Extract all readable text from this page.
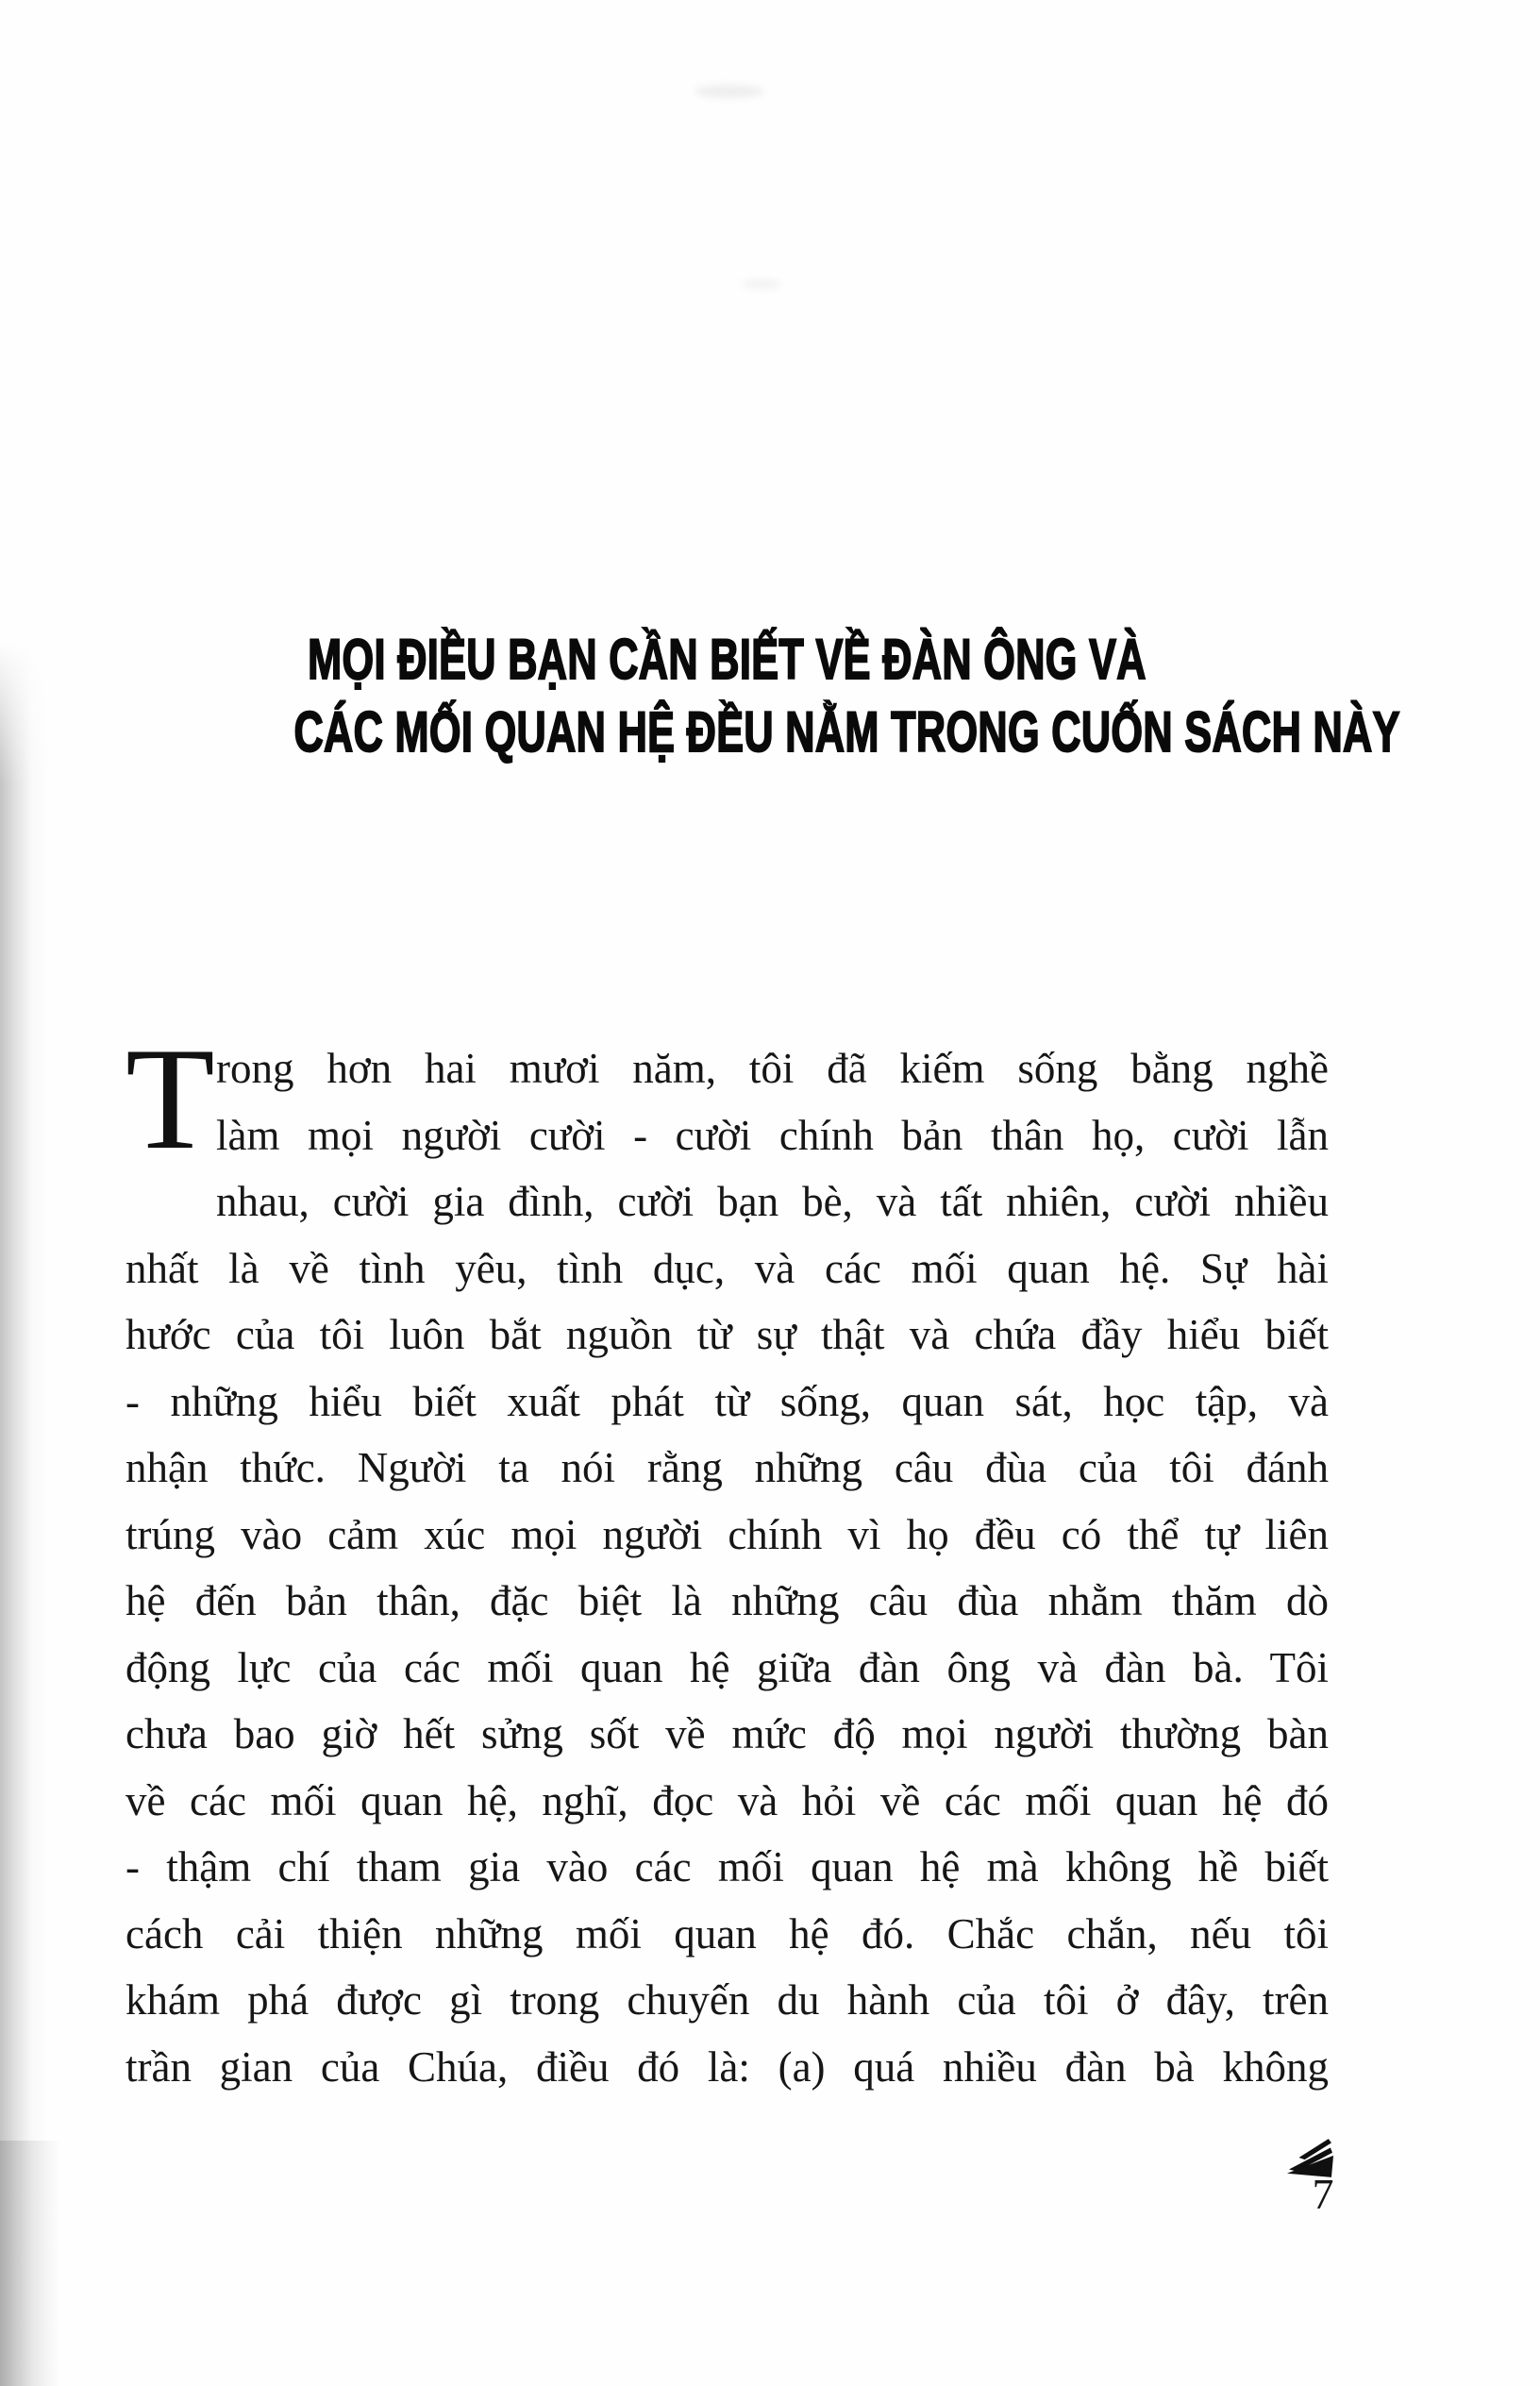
MỌI ĐIỀU BẠN CẦN BIẾT VỀ ĐÀN ÔNG VÀ
CÁC MỐI QUAN HỆ ĐỀU NẰM TRONG CUỐN SÁCH NÀY
T rong hơn hai mươi năm, tôi đã kiếm sống bằng nghề
làm mọi người cười - cười chính bản thân họ, cười lẫn
nhau, cười gia đình, cười bạn bè, và tất nhiên, cười nhiều
nhất là về tình yêu, tình dục, và các mối quan hệ. Sự hài
hước của tôi luôn bắt nguồn từ sự thật và chứa đầy hiểu biết
- những hiểu biết xuất phát từ sống, quan sát, học tập, và
nhận thức. Người ta nói rằng những câu đùa của tôi đánh
trúng vào cảm xúc mọi người chính vì họ đều có thể tự liên
hệ đến bản thân, đặc biệt là những câu đùa nhằm thăm dò
động lực của các mối quan hệ giữa đàn ông và đàn bà. Tôi
chưa bao giờ hết sửng sốt về mức độ mọi người thường bàn
về các mối quan hệ, nghĩ, đọc và hỏi về các mối quan hệ đó
- thậm chí tham gia vào các mối quan hệ mà không hề biết
cách cải thiện những mối quan hệ đó. Chắc chắn, nếu tôi
khám phá được gì trong chuyến du hành của tôi ở đây, trên
trần gian của Chúa, điều đó là: (a) quá nhiều đàn bà không
7
